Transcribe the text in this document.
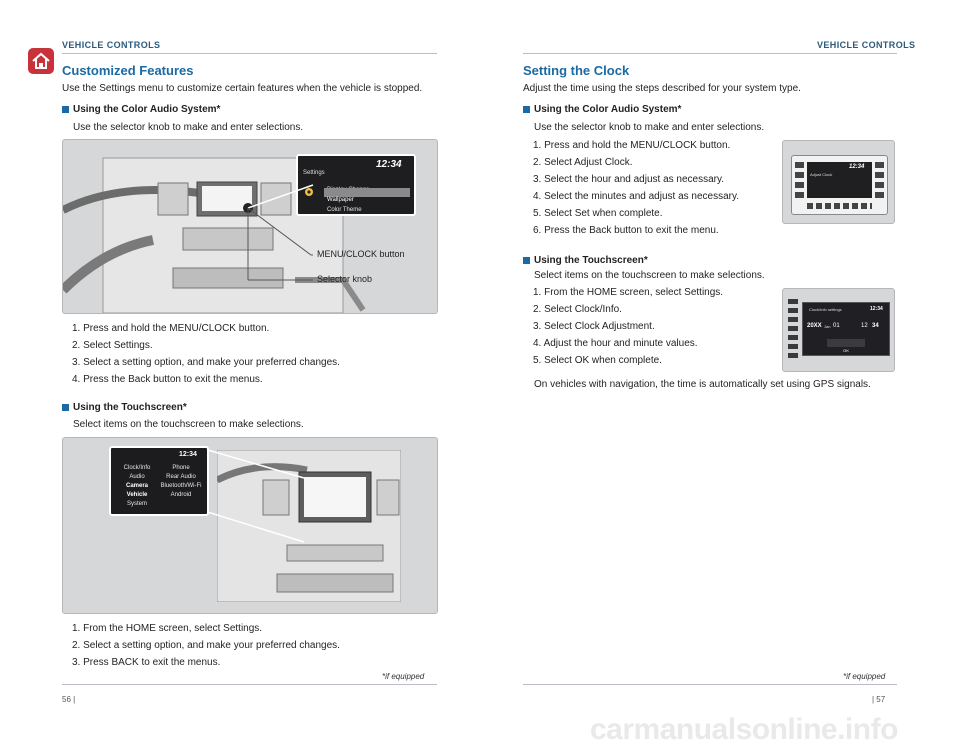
VEHICLE CONTROLS
Customized Features
Use the Settings menu to customize certain features when the vehicle is stopped.
Using the Color Audio System*
Use the selector knob to make and enter selections.
Settings
12:34
Wallpaper
Color Theme
MENU/CLOCK button
Selector knob
1. Press and hold the MENU/CLOCK button.
2. Select Settings.
3. Select a setting option, and make your preferred changes.
4. Press the Back button to exit the menus.
Using the Touchscreen*
Select items on the touchscreen to make selections.
12:34
Clock/Info
Audio
Camera
Vehicle
System
Phone
Rear Audio
Bluetooth/Wi-Fi
Android
1. From the HOME screen, select Settings.
2. Select a setting option, and make your preferred changes.
3. Press BACK to exit the menus.
*if equipped
56 |
VEHICLE CONTROLS
Setting the Clock
Adjust the time using the steps described for your system type.
Using the Color Audio System*
Use the selector knob to make and enter selections.
1. Press and hold the MENU/CLOCK button.
2. Select Adjust Clock.
3. Select the hour and adjust as necessary.
4. Select the minutes and adjust as necessary.
5. Select Set when complete.
6. Press the Back button to exit the menu.
Adjust Clock
12:34
Using the Touchscreen*
Select items on the touchscreen to make selections.
1. From the HOME screen, select Settings.
2. Select Clock/Info.
3. Select Clock Adjustment.
4. Adjust the hour and minute values.
5. Select OK when complete.
Clock/Info settings	12:34
20XX Jan 01	12 34
OK
On vehicles with navigation, the time is automatically set using GPS signals.
*if equipped
| 57
carmanualsonline.info
